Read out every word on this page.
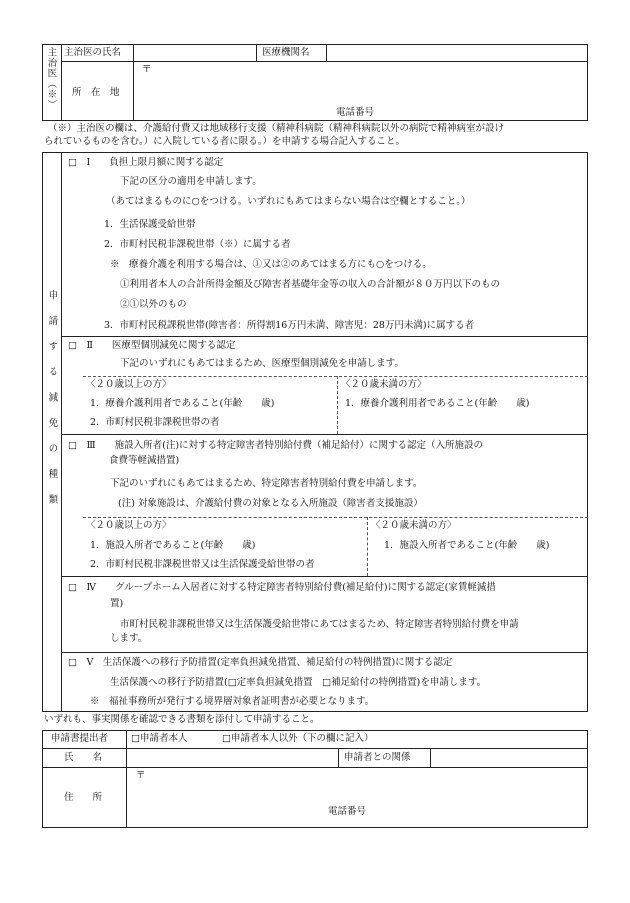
主治医（※） 主治医の氏名	医療機関名
所　在　地
〒
電話番号
（※）主治医の欄は、介護給付費又は地域移行支援（精神科病院（精神科病院以外の病院で精神病室が設け
られているものを含む。）に入院している者に限る。）を申請する場合記入すること。
申請する減免の種類
□　Ⅰ　　負担上限月額に関する認定
下記の区分の適用を申請します。
（あてはまるものに○をつける。いずれにもあてはまらない場合は空欄とすること。）
1．生活保護受給世帯
2．市町村民税非課税世帯（※）に属する者
※　療養介護を利用する場合は、①又は②のあてはまる方にも○をつける。
①利用者本人の合計所得金額及び障害者基礎年金等の収入の合計額が８０万円以下のもの
②①以外のもの
3．市町村民税課税世帯(障害者：所得割16万円未満、障害児：28万円未満)に属する者
□　Ⅱ　　医療型個別減免に関する認定
下記のいずれにもあてはまるため、医療型個別減免を申請します。
〈２０歳以上の方〉
1．療養介護利用者であること(年齢　　歳)
2．市町村民税非課税世帯の者
〈２０歳未満の方〉
1．療養介護利用者であること(年齢　　歳)
□　Ⅲ　　施設入所者(注)に対する特定障害者特別給付費（補足給付）に関する認定（入所施設の
食費等軽減措置)
下記のいずれにもあてはまるため、特定障害者特別給付費を申請します。
(注) 対象施設は、介護給付費の対象となる入所施設（障害者支援施設）
〈２０歳以上の方〉
1．施設入所者であること(年齢　　歳)
2．市町村民税非課税世帯又は生活保護受給世帯の者
〈２０歳未満の方〉
1．施設入所者であること(年齢　　歳)
□　Ⅳ　　グループホーム入居者に対する特定障害者特別給付費(補足給付)に関する認定(家賃軽減措
置)
市町村民税非課税世帯又は生活保護受給世帯にあてはまるため、特定障害者特別給付費を申請
します。
□　Ⅴ　生活保護への移行予防措置(定率負担減免措置、補足給付の特例措置)に関する認定
生活保護への移行予防措置(□定率負担減免措置　□補足給付の特例措置)を申請します。
※　福祉事務所が発行する境界層対象者証明書が必要となります。
いずれも、事実関係を確認できる書類を添付して申請すること。
申請書提出者 □申請者本人	□申請者本人以外（下の欄に記入）
氏　　名	申請者との関係
住　　所
〒
電話番号
